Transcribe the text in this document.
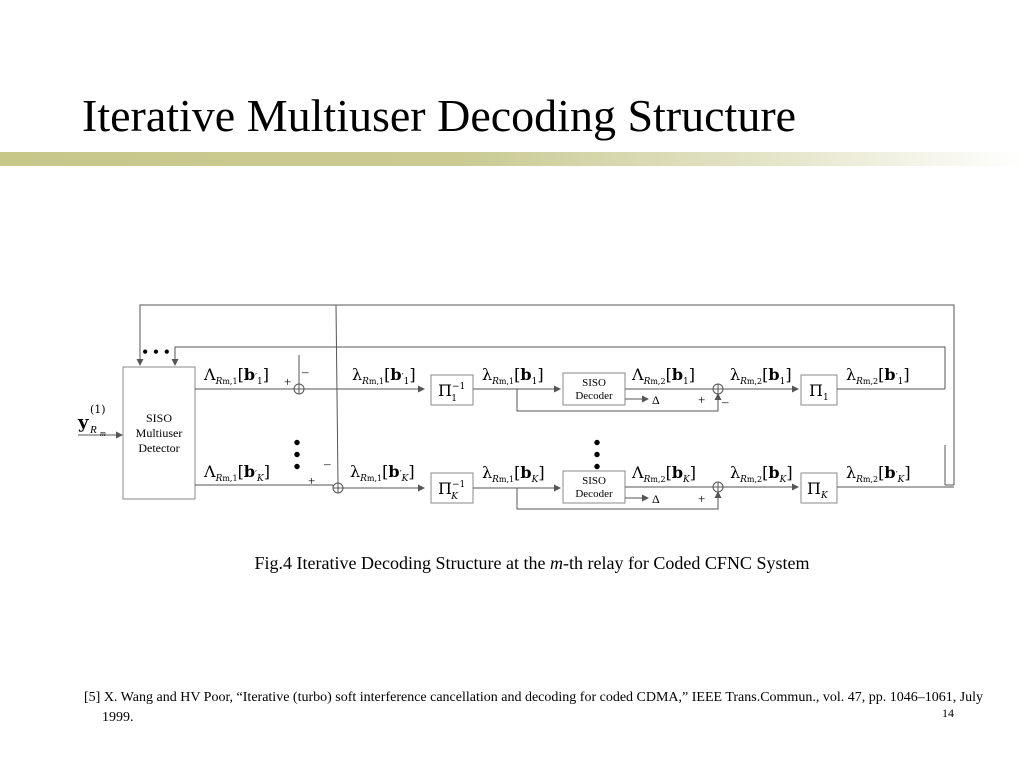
Iterative Multiuser Decoding Structure
• • •
y
(1)
R m
SISO
Multiuser
Detector
+
–
$\Lambda_Rm,1[b'_1]$	$\lambda_Rm,1[b'_1]$
$\Pi^{-1}$ 1
$\lambda_Rm,1[b_1]$	SISO
Decoder	Δ
$\Lambda_Rm,2[b_1]$
+ –
$\lambda_Rm,2[b_1]$
$\Pi_1$
$\lambda_Rm,2[b'_1]$
• • •	• • •
+
–
$\Lambda_Rm,1[b'_K]$	$\lambda_Rm,1[b'_K]$
$\Pi^{-1}$ K
$\lambda_Rm,1[b_K]$	SISO
Decoder	Δ
$\Lambda_Rm,2[b_K]$
+
$\lambda_Rm,2[b_K]$
$\Pi_K$
$\lambda_Rm,2[b'_K]$
Fig.4 Iterative Decoding Structure at the m-th relay for Coded CFNC System
[5] X. Wang and HV Poor, “Iterative (turbo) soft interference cancellation and decoding for coded CDMA,” IEEE Trans.Commun., vol. 47, pp. 1046–1061, July 1999.	14
